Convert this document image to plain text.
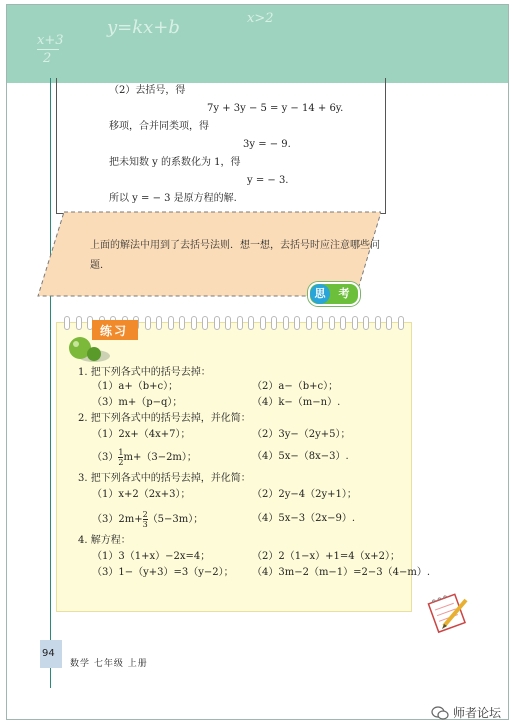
x+3
2
y=kx+b	x>2
（2）去括号，得
7y + 3y − 5 = y − 14 + 6y.
移项，合并同类项，得
3y = − 9.
把未知数 y 的系数化为 1，得
y = − 3.
所以 y = − 3 是原方程的解.
上面的解法中用到了去括号法则．想一想，去括号时应注意哪些问题．
思	考
练习
1. 把下列各式中的括号去掉：
（1）a+（b+c）；	（2）a−（b+c）；
（3）m+（p−q）；	（4）k−（m−n）.
2. 把下列各式中的括号去掉，并化简：
（1）2x+（4x+7）；	（2）3y−（2y+5）；
$(3) \frac{1}{2} m+(3-2m)$；	（4）5x−（8x−3）.
3. 把下列各式中的括号去掉，并化简：
（1）x+2（2x+3）；	（2）2y−4（2y+1）；
$(3)2m+ \frac{2}{3} (5-3m)$；	（4）5x−3（2x−9）.
4. 解方程：
（1）3（1+x）−2x=4；	（2）2（1−x）+1=4（x+2）；
（3）1−（y+3）=3（y−2）； （4）3m−2（m−1）=2−3（4−m）.
94
数学 七年级 上册
师者论坛
